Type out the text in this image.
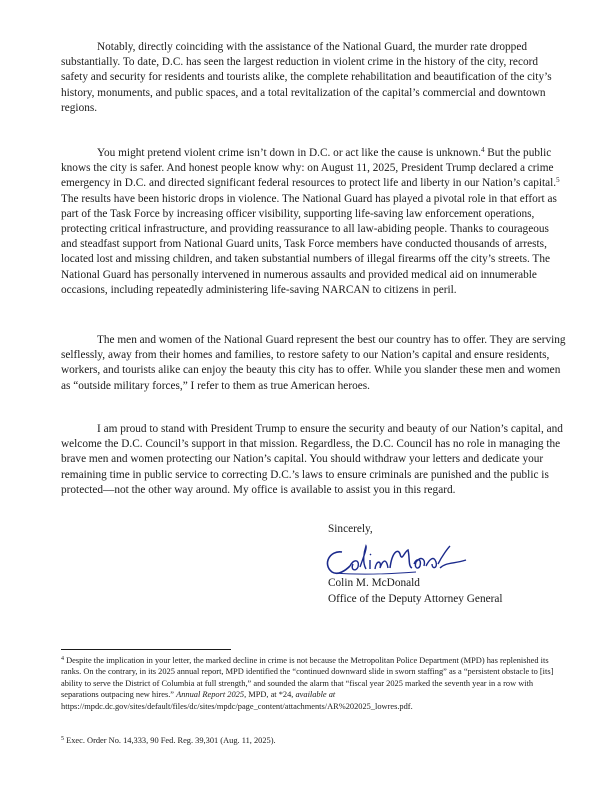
Notably, directly coinciding with the assistance of the National Guard, the murder rate dropped substantially. To date, D.C. has seen the largest reduction in violent crime in the history of the city, record safety and security for residents and tourists alike, the complete rehabilitation and beautification of the city’s history, monuments, and public spaces, and a total revitalization of the capital’s commercial and downtown regions.

You might pretend violent crime isn’t down in D.C. or act like the cause is unknown.$^4$ But the public knows the city is safer. And honest people know why: on August 11, 2025, President Trump declared a crime emergency in D.C. and directed significant federal resources to protect life and liberty in our Nation’s capital.$^5$ The results have been historic drops in violence. The National Guard has played a pivotal role in that effort as part of the Task Force by increasing officer visibility, supporting life-saving law enforcement operations, protecting critical infrastructure, and providing reassurance to all law-abiding people. Thanks to courageous and steadfast support from National Guard units, Task Force members have conducted thousands of arrests, located lost and missing children, and taken substantial numbers of illegal firearms off the city’s streets. The National Guard has personally intervened in numerous assaults and provided medical aid on innumerable occasions, including repeatedly administering life-saving NARCAN to citizens in peril.

The men and women of the National Guard represent the best our country has to offer. They are serving selflessly, away from their homes and families, to restore safety to our Nation’s capital and ensure residents, workers, and tourists alike can enjoy the beauty this city has to offer. While you slander these men and women as “outside military forces,” I refer to them as true American heroes.

I am proud to stand with President Trump to ensure the security and beauty of our Nation’s capital, and welcome the D.C. Council’s support in that mission. Regardless, the D.C. Council has no role in managing the brave men and women protecting our Nation’s capital. You should withdraw your letters and dedicate your remaining time in public service to correcting D.C.’s laws to ensure criminals are punished and the public is protected—not the other way around. My office is available to assist you in this regard.

Sincerely,
Colin M. McDonald
Office of the Deputy Attorney General

$^4$ Despite the implication in your letter, the marked decline in crime is not because the Metropolitan Police Department (MPD) has replenished its ranks. On the contrary, in its 2025 annual report, MPD identified the “continued downward slide in sworn staffing” as a “persistent obstacle to [its] ability to serve the District of Columbia at full strength,” and sounded the alarm that “fiscal year 2025 marked the seventh year in a row with separations outpacing new hires.” Annual Report 2025, MPD, at *24, available at https://mpdc.dc.gov/sites/default/files/dc/sites/mpdc/page_content/attachments/AR%202025_lowres.pdf.

$^5$ Exec. Order No. 14,333, 90 Fed. Reg. 39,301 (Aug. 11, 2025).
